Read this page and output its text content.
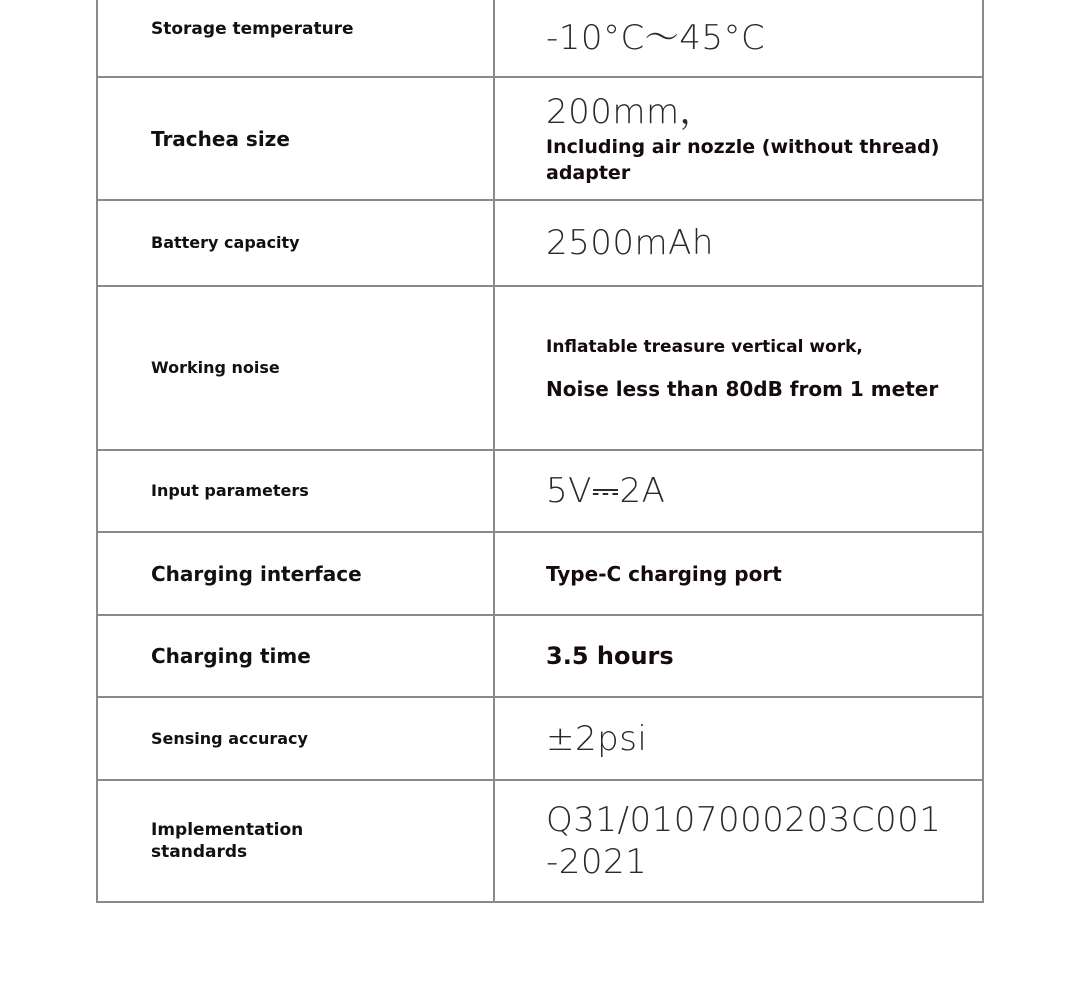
Storage temperature	-10°C～45°C

Trachea size	200mm，
Including air nozzle (without thread) adapter

Battery capacity	2500mAh

Working noise	Inflatable treasure vertical work,
Noise less than 80dB from 1 meter

Input parameters	5V⎓2A

Charging interface	Type-C charging port

Charging time	3.5 hours

Sensing accuracy	±2psi

Implementation
standards	Q31/0107000203C001
-2021
